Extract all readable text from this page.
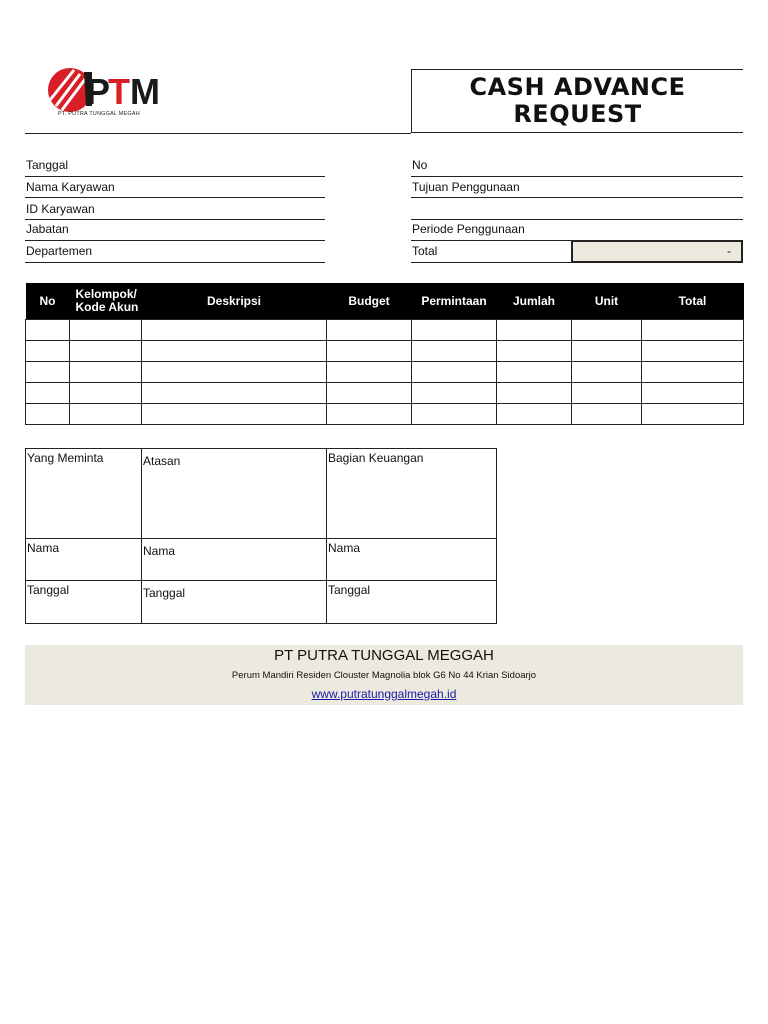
P
T M
PT. PUTRA TUNGGAL MEGAH
CASH ADVANCE
REQUEST
Tanggal
Nama Karyawan
ID Karyawan
Jabatan
Departemen
No
Tujuan Penggunaan
Periode Penggunaan
Total	-
No	Kelompok/ Kode Akun	Deskripsi	Budget	Permintaan	Jumlah	Unit	Total

Yang Meminta	Atasan	Bagian Keuangan
Nama	Nama	Nama
Tanggal	Tanggal	Tanggal
PT PUTRA TUNGGAL MEGGAH
Perum Mandiri Residen Clouster Magnolia blok G6 No 44 Krian Sidoarjo
www.putratunggalmegah.id
